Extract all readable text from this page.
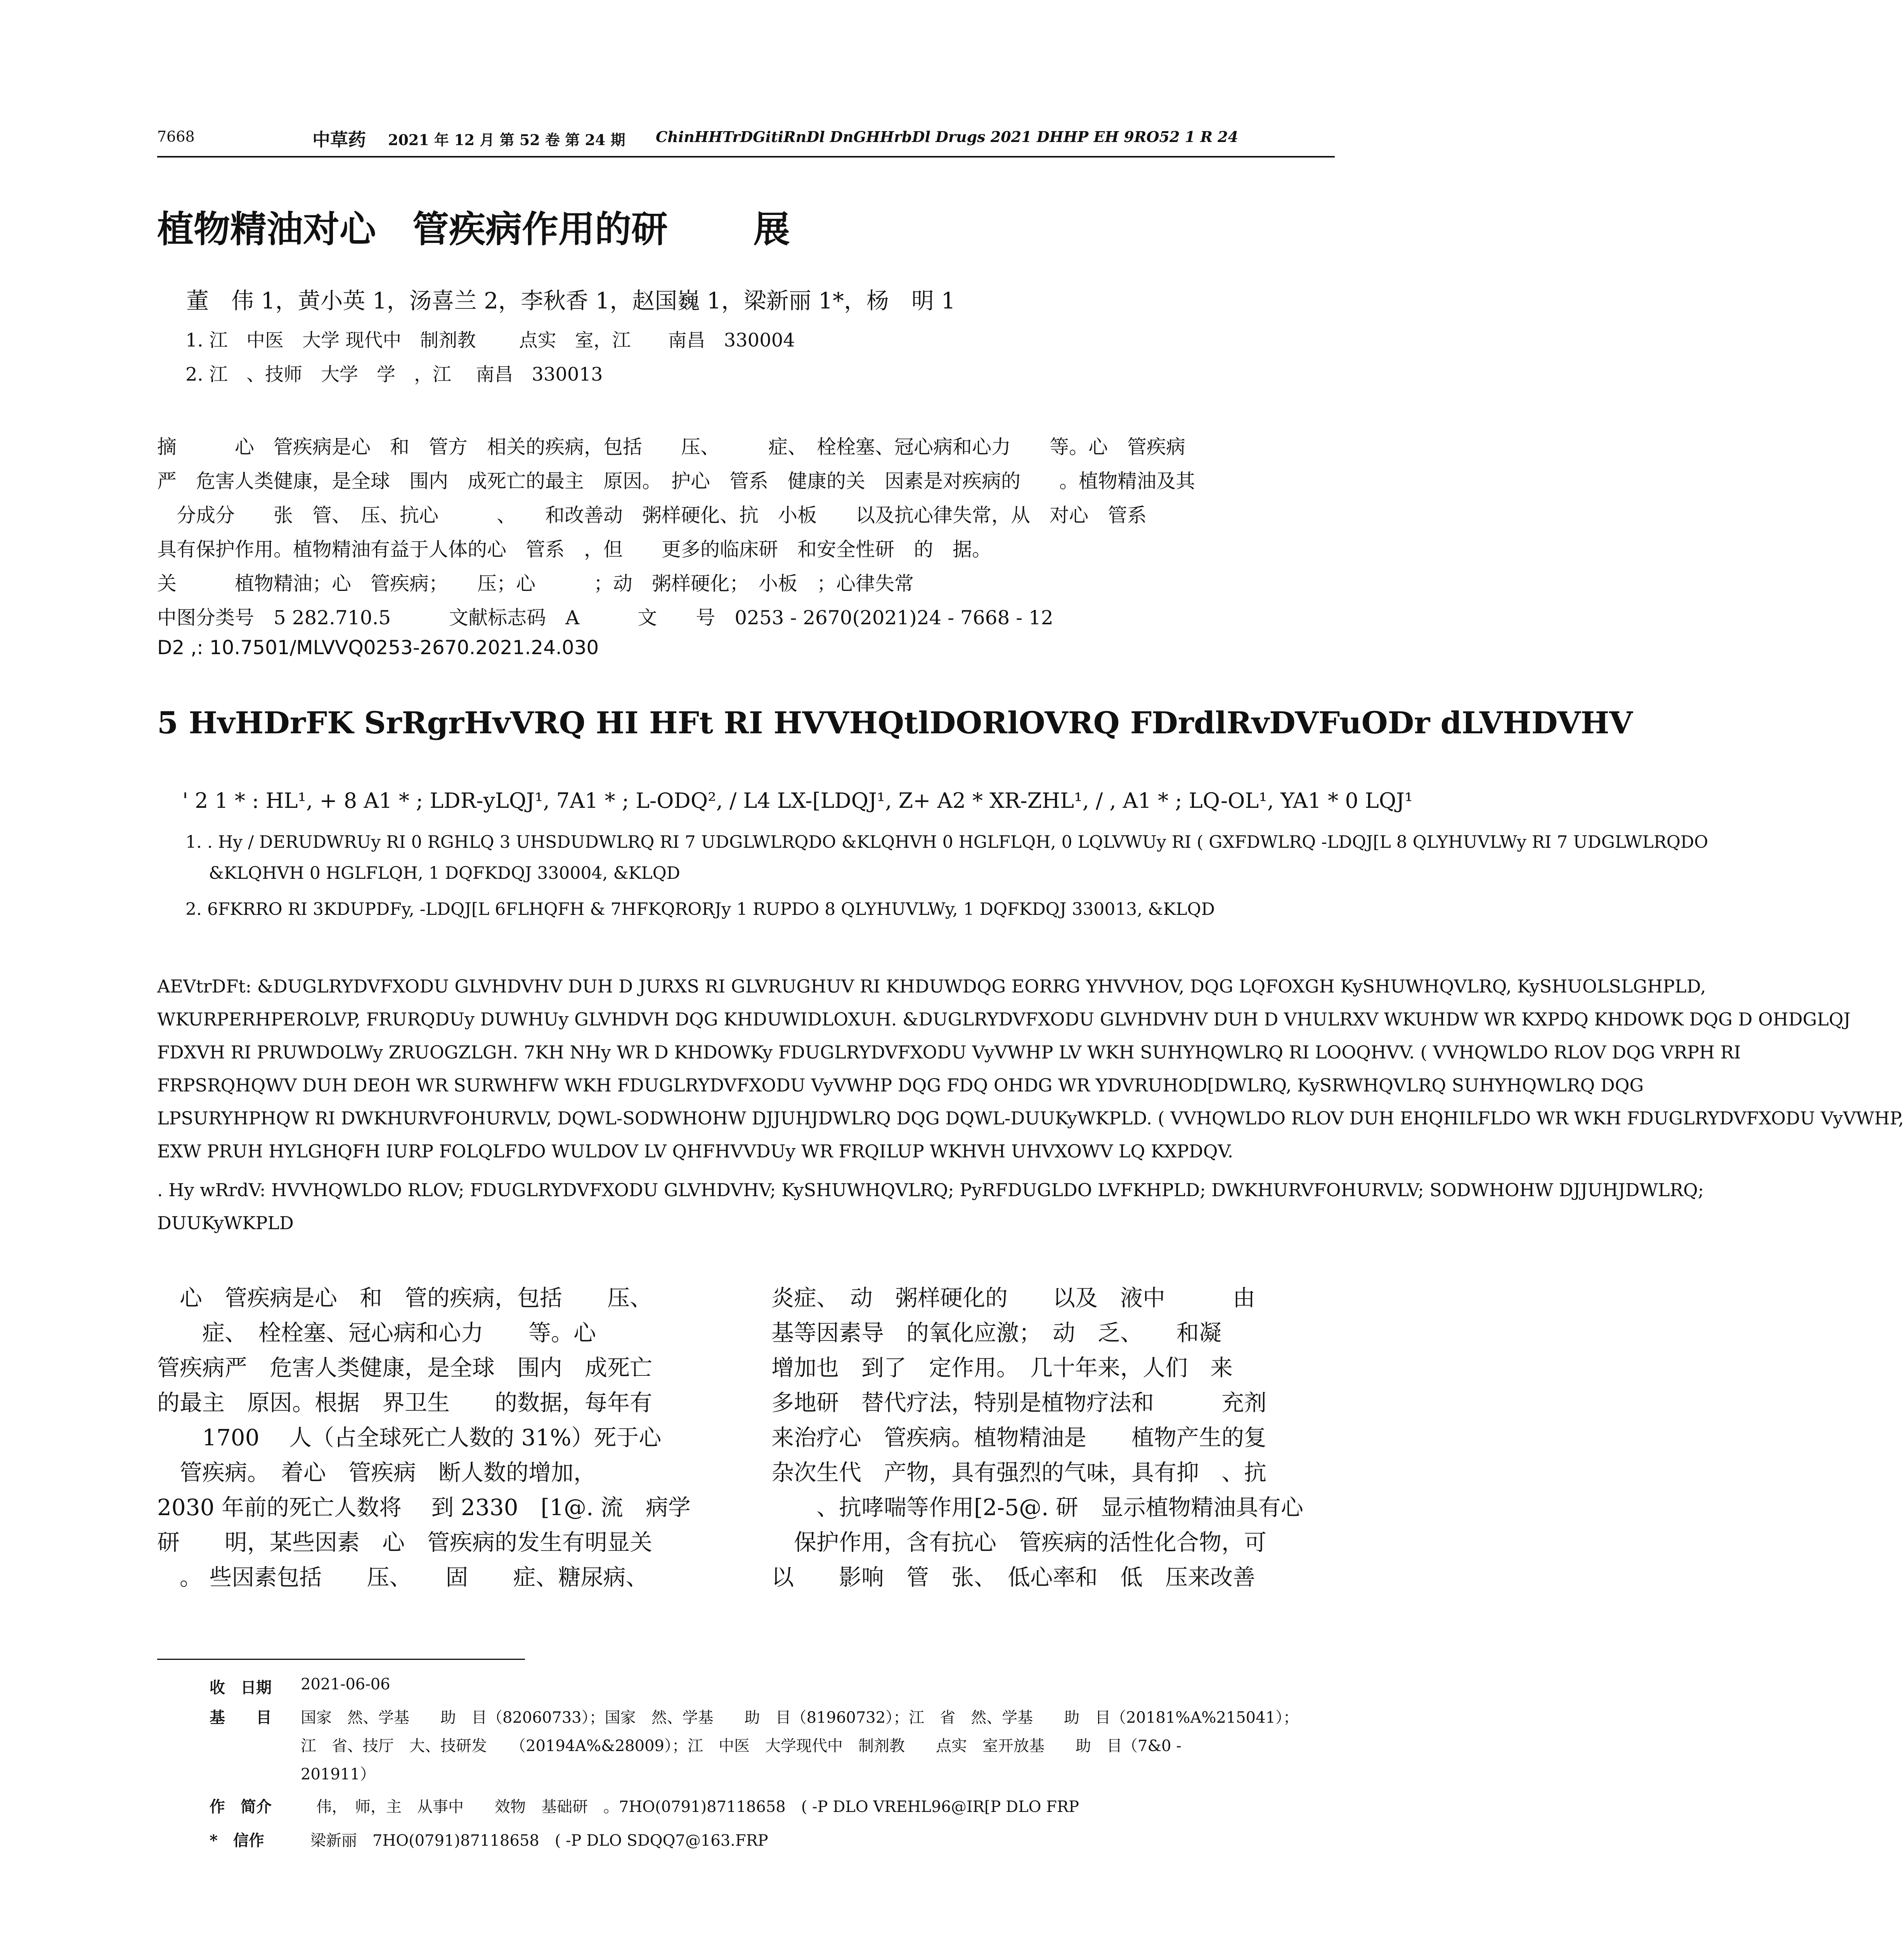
7668	中草药 2021 年 12 月 第 52 卷 第 24 期 ChinHHTrDGitiRnDl DnGHHrbDl Drugs 2021 DHHP EH 9RO52 1 R 24
植物精油对心　管疾病作用的研　　 展
董　伟 1，黄小英 1，汤喜兰 2，李秋香 1，赵国巍 1，梁新丽 1*，杨　明 1
1. 江　中医　大学 现代中　制剂教　　 点实　室，江　　南昌　330004
2. 江　、技师　大学　学　，江　 南昌　330013
摘　　　心　管疾病是心　和　管方　相关的疾病，包括　　压、　　　症、　栓栓塞、冠心病和心力　　等。心　管疾病
严　危害人类健康，是全球　围内　成死亡的最主　原因。　护心　管系　健康的关　因素是对疾病的　　。植物精油及其
　分成分　　张　管、　压、抗心　　　、　　和改善动　粥样硬化、抗　小板　　以及抗心律失常，从　对心　管系
具有保护作用。植物精油有益于人体的心　管系　，但　　更多的临床研　和安全性研　的　据。
关　　　植物精油；心　管疾病；　　压；心　　　；动　粥样硬化；　小板　；心律失常
中图分类号　5 282.710.5　　　文献标志码　A　　　文　　号　0253 - 2670(2021)24 - 7668 - 12
D2 ,: 10.7501/MLVVQ0253-2670.2021.24.030
5 HvHDrFK SrRgrHvVRQ HI HFt RI HVVHQtlDORlOVRQ FDrdlRvDVFuODr dLVHDVHV
' 2 1 * : HL¹, + 8 A1 * ; LDR-yLQJ¹, 7A1 * ; L-ODQ², / L4 LX-[LDQJ¹, Z+ A2 * XR-ZHL¹, / , A1 * ; LQ-OL¹, YA1 * 0 LQJ¹
1. . Hy / DERUDWRUy RI 0 RGHLQ 3 UHSDUDWLRQ RI 7 UDGLWLRQDO &KLQHVH 0 HGLFLQH, 0 LQLVWUy RI ( GXFDWLRQ -LDQJ[L 8 QLYHUVLWy RI 7 UDGLWLRQDO
&KLQHVH 0 HGLFLQH, 1 DQFKDQJ 330004, &KLQD
2. 6FKRRO RI 3KDUPDFy, -LDQJ[L 6FLHQFH & 7HFKQRORJy 1 RUPDO 8 QLYHUVLWy, 1 DQFKDQJ 330013, &KLQD
AEVtrDFt: &DUGLRYDVFXODU GLVHDVHV DUH D JURXS RI GLVRUGHUV RI KHDUWDQG EORRG YHVVHOV, DQG LQFOXGH KySHUWHQVLRQ, KySHUOLSLGHPLD,
WKURPERHPEROLVP, FRURQDUy DUWHUy GLVHDVH DQG KHDUWIDLOXUH. &DUGLRYDVFXODU GLVHDVHV DUH D VHULRXV WKUHDW WR KXPDQ KHDOWK DQG D OHDGLQJ
FDXVH RI PRUWDOLWy ZRUOGZLGH. 7KH NHy WR D KHDOWKy FDUGLRYDVFXODU VyVWHP LV WKH SUHYHQWLRQ RI LOOQHVV. ( VVHQWLDO RLOV DQG VRPH RI
FRPSRQHQWV DUH DEOH WR SURWHFW WKH FDUGLRYDVFXODU VyVWHP DQG FDQ OHDG WR YDVRUHOD[DWLRQ, KySRWHQVLRQ SUHYHQWLRQ DQG
LPSURYHPHQW RI DWKHURVFOHURVLV, DQWL-SODWHOHW DJJUHJDWLRQ DQG DQWL-DUUKyWKPLD. ( VVHQWLDO RLOV DUH EHQHILFLDO WR WKH FDUGLRYDVFXODU VyVWHP,
EXW PRUH HYLGHQFH IURP FOLQLFDO WULDOV LV QHFHVVDUy WR FRQILUP WKHVH UHVXOWV LQ KXPDQV.
. Hy wRrdV: HVVHQWLDO RLOV; FDUGLRYDVFXODU GLVHDVHV; KySHUWHQVLRQ; PyRFDUGLDO LVFKHPLD; DWKHURVFOHURVLV; SODWHOHW DJJUHJDWLRQ;
DUUKyWKPLD
　心　管疾病是心　和　管的疾病，包括　　压、
　　症、　栓栓塞、冠心病和心力　　等。心
管疾病严　危害人类健康，是全球　围内　成死亡
的最主　原因。根据　界卫生　　的数据，每年有
　　1700　 人（占全球死亡人数的 31%）死于心
　管疾病。　着心　管疾病　断人数的增加，
2030 年前的死亡人数将　 到 2330　[1@. 流　病学
研　　明，某些因素　心　管疾病的发生有明显关
　。 些因素包括　　压、　　固　　症、糖尿病、
炎症、　动　粥样硬化的　　以及　液中　　　由
基等因素导　的氧化应激；　动　乏、　　和凝
增加也　到了　定作用。　几十年来，人们　来
多地研　替代疗法，特别是植物疗法和　　　充剂
来治疗心　管疾病。植物精油是　　植物产生的复
杂次生代　产物，具有强烈的气味，具有抑　、抗
　　、抗哮喘等作用[2-5@. 研　显示植物精油具有心
　保护作用，含有抗心　管疾病的活性化合物，可
以　　影响　管　张、　低心率和　低　压来改善
收　日期 2021-06-06
基　　目 国家　然、学基　　助　目（82060733）；国家　然、学基　　助　目（81960732）；江　省　然、学基　　助　目（20181%A%215041）；
江　省、技厅　大、技研发　　（20194A%&28009）；江　中医　大学现代中　制剂教　　点实　室开放基　　助　目（7&0 -
201911）
作　简介 　伟，　师，主　从事中　　效物　基础研　。7HO(0791)87118658　( -P DLO VREHL96@IR[P DLO FRP
*　信作	梁新丽　7HO(0791)87118658　( -P DLO SDQQ7@163.FRP
